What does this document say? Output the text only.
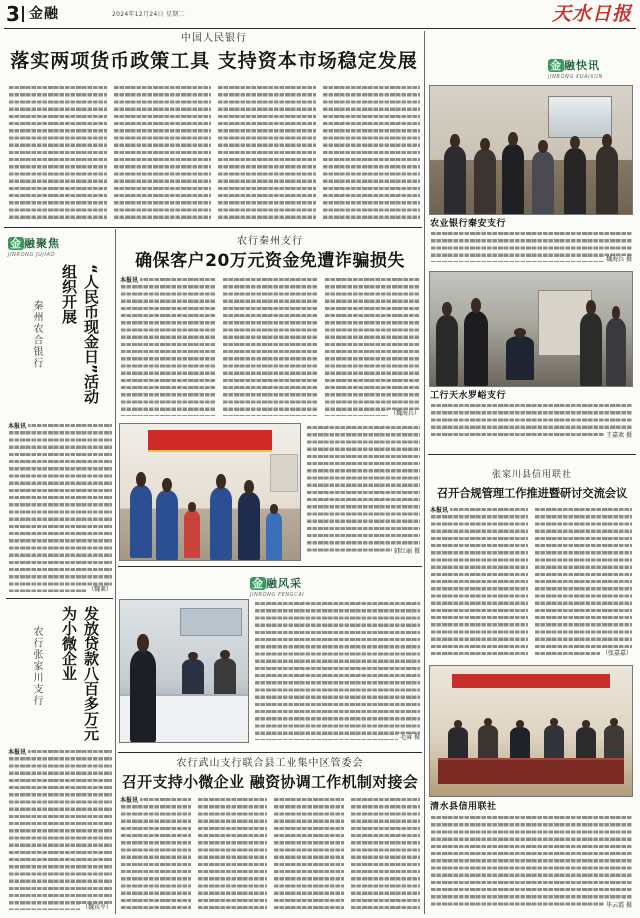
3 金融	2024年12月24日 星期二	天水日报
中国人民银行
落实两项货币政策工具 支持资本市场稳定发展
金融聚焦
JINRONG JUJIAO
秦州农合银行
组织开展 “人民币现金日”活动
本报讯
（魏莱）
农行张家川支行 为小微企业 发放贷款八百多万元
本报讯
（魏宾平）
农行秦州支行
确保客户20万元资金免遭诈骗损失
本报讯
（魏海兵）
韩红丽 摄
金融风采
JINRONG FENGCAI
毛睿 摄
农行武山支行联合县工业集中区管委会
召开支持小微企业 融资协调工作机制对接会
本报讯
金融快讯
JINRONG KUAIXUN
农业银行秦安支行
魏海兵 摄
工行天水罗峪支行
王嘉欢 摄
张家川县信用联社
召开合规管理工作推进暨研讨交流会议
本报讯
（张嘉嘉）
清水县信用联社
毕云霞 摄
